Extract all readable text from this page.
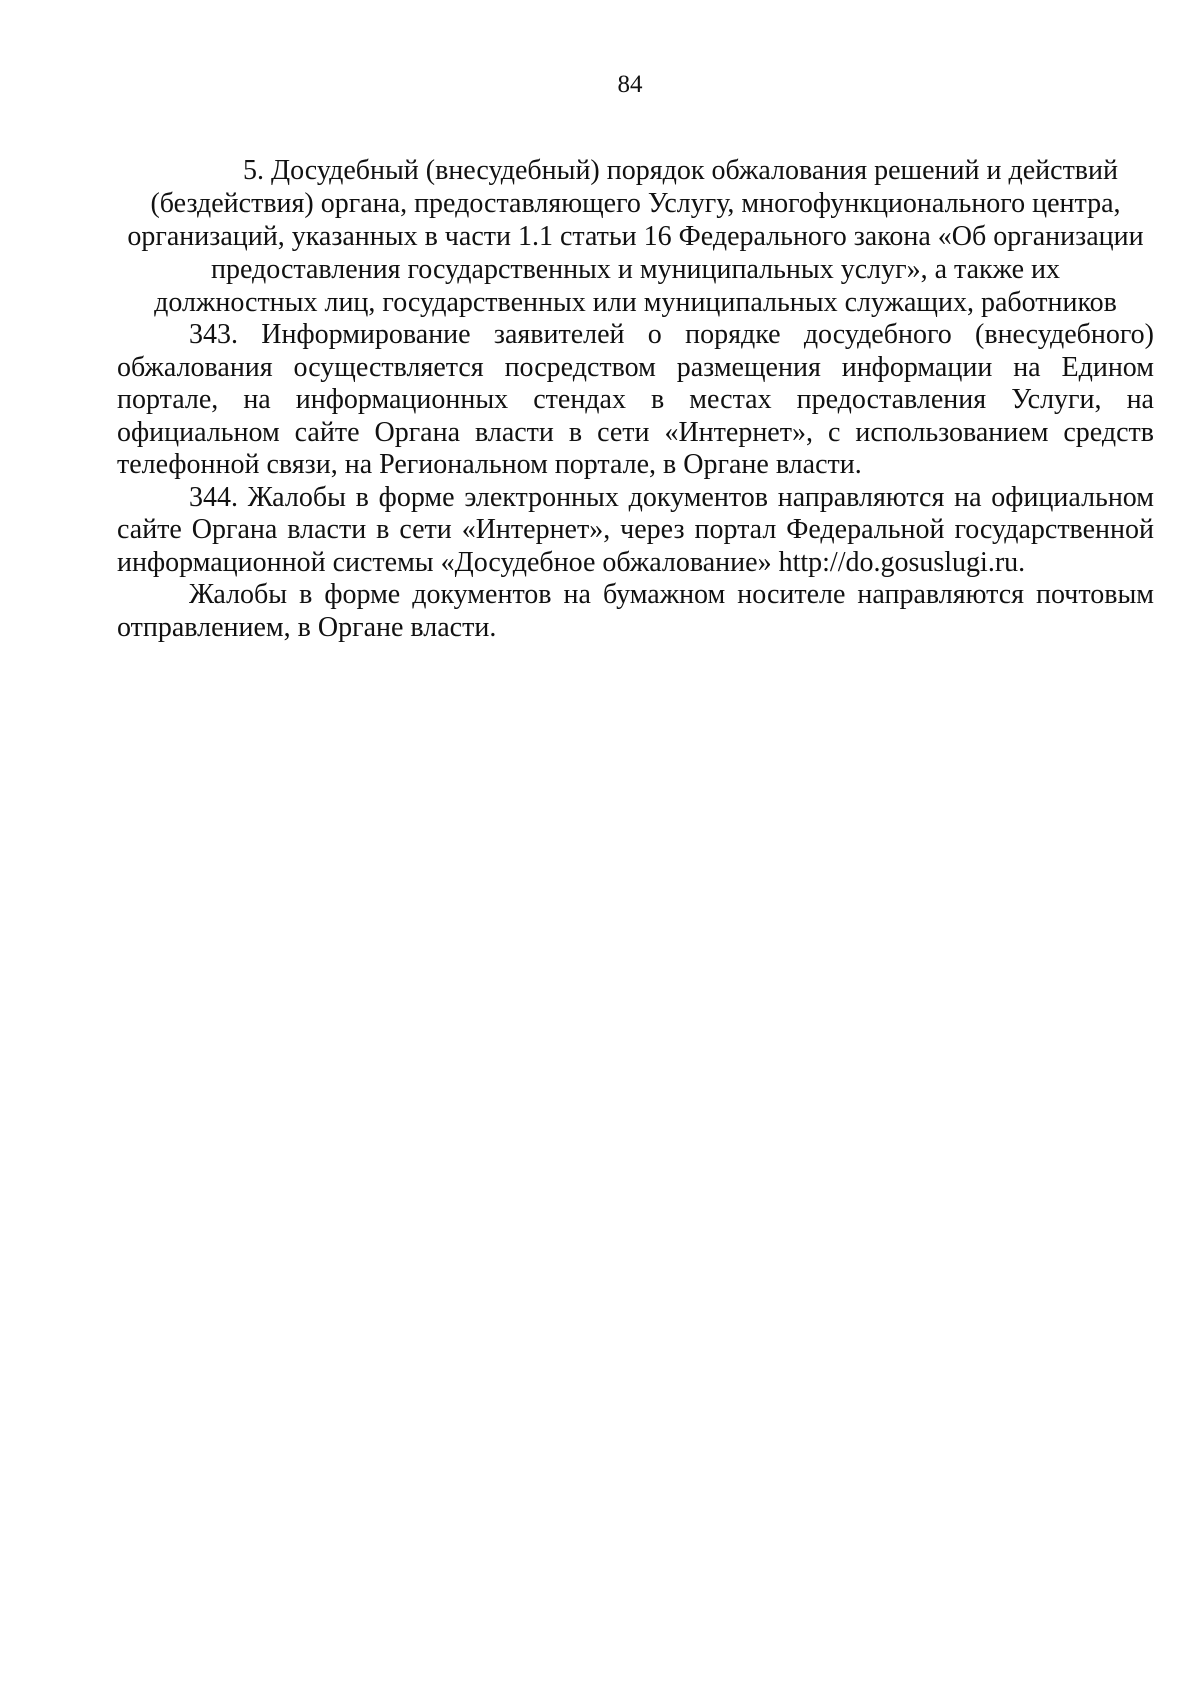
84
5. Досудебный (внесудебный) порядок обжалования решений и действий
(бездействия) органа, предоставляющего Услугу, многофункционального центра,
организаций, указанных в части 1.1 статьи 16 Федерального закона «Об организации
предоставления государственных и муниципальных услуг», а также их
должностных лиц, государственных или муниципальных служащих, работников

343. Информирование заявителей о порядке досудебного (внесудебного) обжалования осуществляется посредством размещения информации на Едином портале, на информационных стендах в местах предоставления Услуги, на официальном сайте Органа власти в сети «Интернет», с использованием средств телефонной связи, на Региональном портале, в Органе власти.

344. Жалобы в форме электронных документов направляются на официальном сайте Органа власти в сети «Интернет», через портал Федеральной государственной информационной системы «Досудебное обжалование» http://do.gosuslugi.ru.

Жалобы в форме документов на бумажном носителе направляются почтовым отправлением, в Органе власти.
